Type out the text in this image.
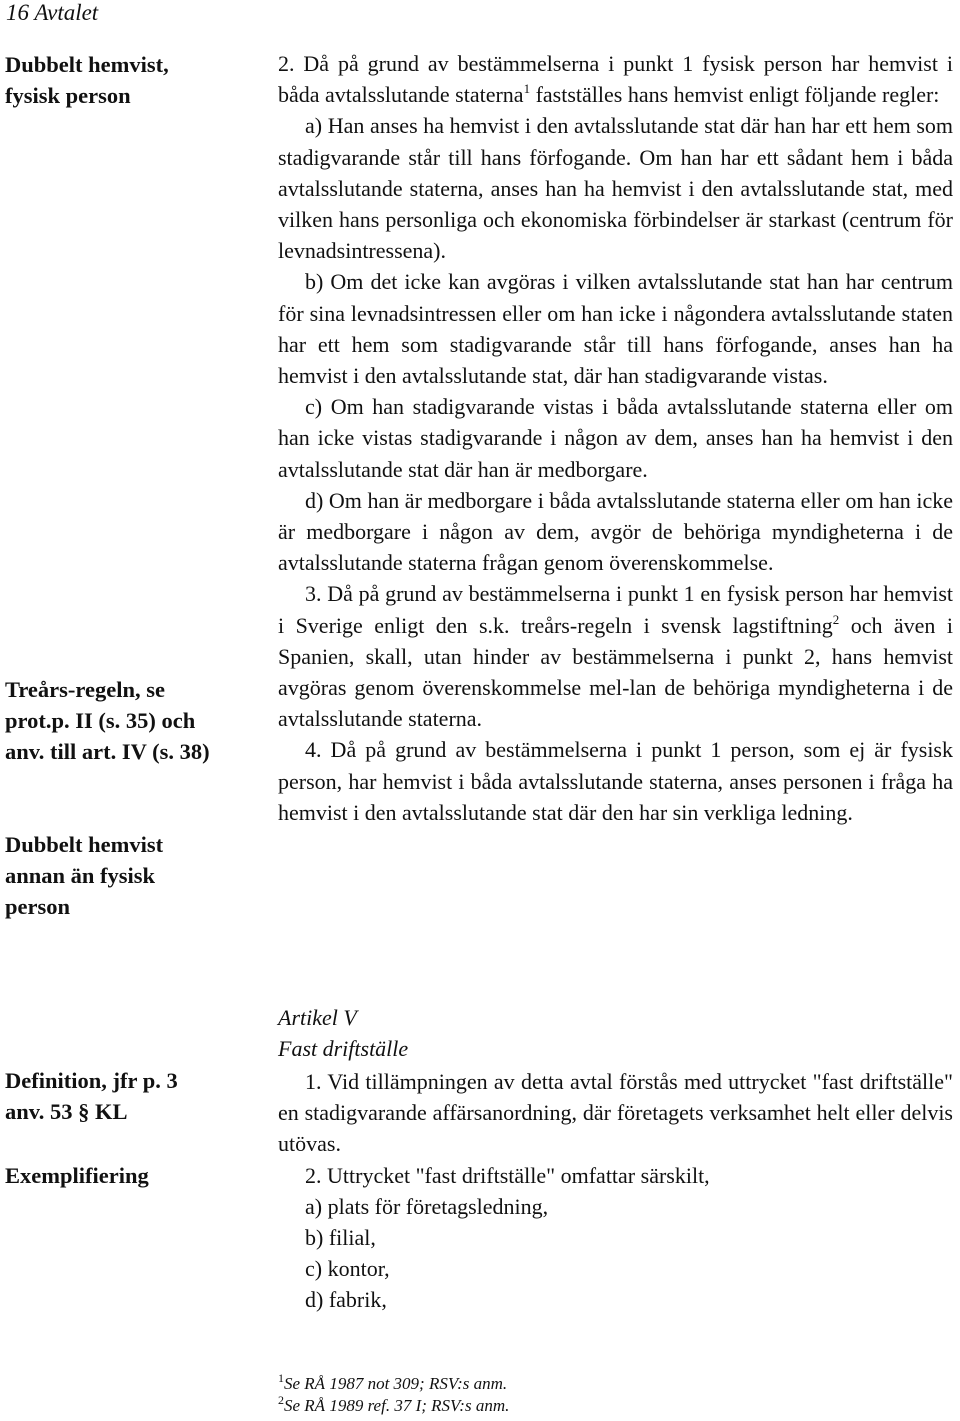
16 Avtalet
Dubbelt hemvist, fysisk person
Treårs-regeln, se prot.p. II (s. 35) och anv. till art. IV (s. 38)
Dubbelt hemvist annan än fysisk person
Definition, jfr p. 3 anv. 53 § KL
Exemplifiering

2. Då på grund av bestämmelserna i punkt 1 fysisk person har hemvist i båda avtalsslutande staterna$^1$ fastställes hans hemvist enligt följande regler:

a) Han anses ha hemvist i den avtalsslutande stat där han har ett hem som stadigvarande står till hans förfogande. Om han har ett sådant hem i båda avtalsslutande staterna, anses han ha hemvist i den avtalsslutande stat, med vilken hans personliga och ekonomiska förbindelser är starkast (centrum för levnadsintressena).

b) Om det icke kan avgöras i vilken avtalsslutande stat han har centrum för sina levnadsintressen eller om han icke i någondera avtalsslutande staten har ett hem som stadigvarande står till hans förfogande, anses han ha hemvist i den avtalsslutande stat, där han stadigvarande vistas.

c) Om han stadigvarande vistas i båda avtalsslutande staterna eller om han icke vistas stadigvarande i någon av dem, anses han ha hemvist i den avtalsslutande stat där han är medborgare.

d) Om han är medborgare i båda avtalsslutande staterna eller om han icke är medborgare i någon av dem, avgör de behöriga myndigheterna i de avtalsslutande staterna frågan genom överenskommelse.

3. Då på grund av bestämmelserna i punkt 1 en fysisk person har hemvist i Sverige enligt den s.k. treårs-regeln i svensk lagstiftning$^2$ och även i Spanien, skall, utan hinder av bestämmelserna i punkt 2, hans hemvist avgöras genom överenskommelse mel-lan de behöriga myndigheterna i de avtalsslutande staterna.

4. Då på grund av bestämmelserna i punkt 1 person, som ej är fysisk person, har hemvist i båda avtalsslutande staterna, anses personen i fråga ha hemvist i den avtalsslutande stat där den har sin verkliga ledning.

Artikel V
Fast driftställe

1. Vid tillämpningen av detta avtal förstås med uttrycket "fast driftställe" en stadigvarande affärsanordning, där företagets verksamhet helt eller delvis utövas.

2. Uttrycket "fast driftställe" omfattar särskilt,

a) plats för företagsledning,

b) filial,

c) kontor,

d) fabrik,

$^1$Se RÅ 1987 not 309; RSV:s anm.
$^2$Se RÅ 1989 ref. 37 I; RSV:s anm.
